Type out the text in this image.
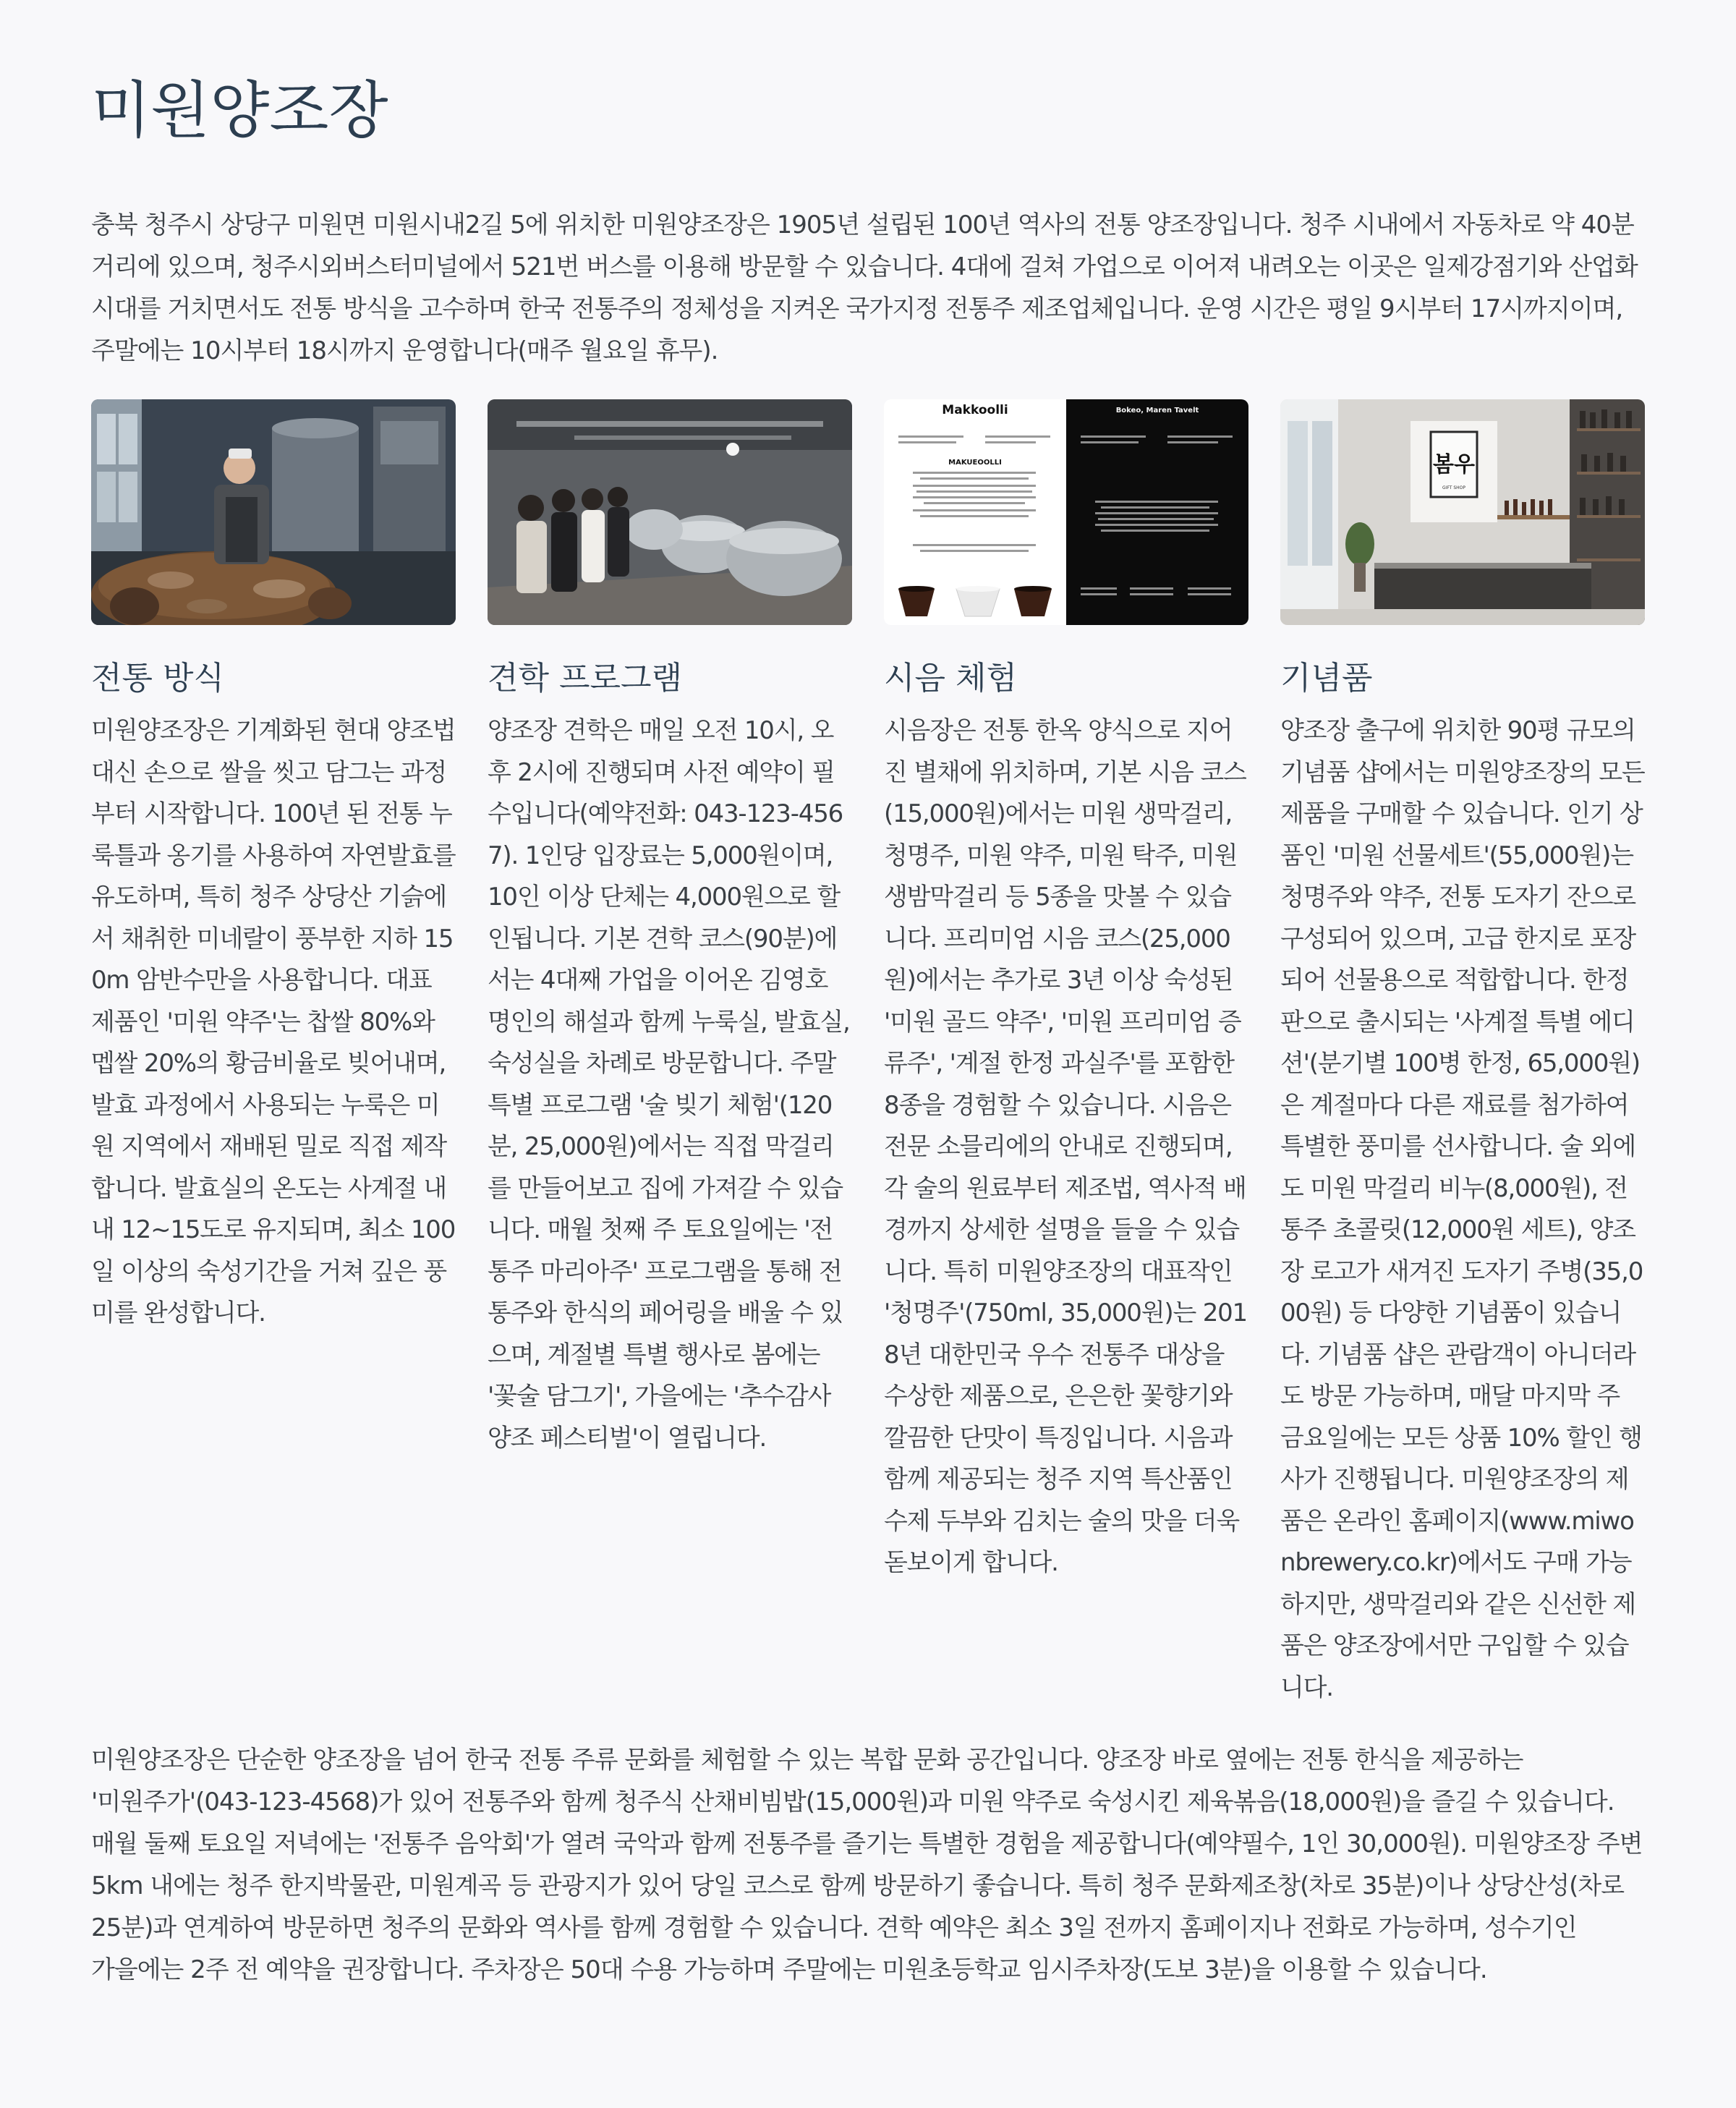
미원양조장

충북 청주시 상당구 미원면 미원시내2길 5에 위치한 미원양조장은 1905년 설립된 100년 역사의 전통 양조장입니다. 청주 시내에서 자동차로 약 40분 거리에 있으며, 청주시외버스터미널에서 521번 버스를 이용해 방문할 수 있습니다. 4대에 걸쳐 가업으로 이어져 내려오는 이곳은 일제강점기와 산업화 시대를 거치면서도 전통 방식을 고수하며 한국 전통주의 정체성을 지켜온 국가지정 전통주 제조업체입니다. 운영 시간은 평일 9시부터 17시까지이며, 주말에는 10시부터 18시까지 운영합니다(매주 월요일 휴무).

전통 방식

미원양조장은 기계화된 현대 양조법 대신 손으로 쌀을 씻고 담그는 과정부터 시작합니다. 100년 된 전통 누룩틀과 옹기를 사용하여 자연발효를 유도하며, 특히 청주 상당산 기슭에서 채취한 미네랄이 풍부한 지하 150m 암반수만을 사용합니다. 대표 제품인 '미원 약주'는 찹쌀 80%와 멥쌀 20%의 황금비율로 빚어내며, 발효 과정에서 사용되는 누룩은 미원 지역에서 재배된 밀로 직접 제작합니다. 발효실의 온도는 사계절 내내 12~15도로 유지되며, 최소 100일 이상의 숙성기간을 거쳐 깊은 풍미를 완성합니다.

견학 프로그램

양조장 견학은 매일 오전 10시, 오후 2시에 진행되며 사전 예약이 필수입니다(예약전화: 043-123-4567). 1인당 입장료는 5,000원이며, 10인 이상 단체는 4,000원으로 할인됩니다. 기본 견학 코스(90분)에서는 4대째 가업을 이어온 김영호 명인의 해설과 함께 누룩실, 발효실, 숙성실을 차례로 방문합니다. 주말 특별 프로그램 '술 빚기 체험'(120분, 25,000원)에서는 직접 막걸리를 만들어보고 집에 가져갈 수 있습니다. 매월 첫째 주 토요일에는 '전통주 마리아주' 프로그램을 통해 전통주와 한식의 페어링을 배울 수 있으며, 계절별 특별 행사로 봄에는 '꽃술 담그기', 가을에는 '추수감사 양조 페스티벌'이 열립니다.

Makkoolli
MAKUEOOLLI
Bokeo, Maren Tavelt
시음 체험

시음장은 전통 한옥 양식으로 지어진 별채에 위치하며, 기본 시음 코스(15,000원)에서는 미원 생막걸리, 청명주, 미원 약주, 미원 탁주, 미원 생밤막걸리 등 5종을 맛볼 수 있습니다. 프리미엄 시음 코스(25,000원)에서는 추가로 3년 이상 숙성된 '미원 골드 약주', '미원 프리미엄 증류주', '계절 한정 과실주'를 포함한 8종을 경험할 수 있습니다. 시음은 전문 소믈리에의 안내로 진행되며, 각 술의 원료부터 제조법, 역사적 배경까지 상세한 설명을 들을 수 있습니다. 특히 미원양조장의 대표작인 '청명주'(750ml, 35,000원)는 2018년 대한민국 우수 전통주 대상을 수상한 제품으로, 은은한 꽃향기와 깔끔한 단맛이 특징입니다. 시음과 함께 제공되는 청주 지역 특산품인 수제 두부와 김치는 술의 맛을 더욱 돋보이게 합니다.

봄우
GIFT SHOP
기념품

양조장 출구에 위치한 90평 규모의 기념품 샵에서는 미원양조장의 모든 제품을 구매할 수 있습니다. 인기 상품인 '미원 선물세트'(55,000원)는 청명주와 약주, 전통 도자기 잔으로 구성되어 있으며, 고급 한지로 포장되어 선물용으로 적합합니다. 한정판으로 출시되는 '사계절 특별 에디션'(분기별 100병 한정, 65,000원)은 계절마다 다른 재료를 첨가하여 특별한 풍미를 선사합니다. 술 외에도 미원 막걸리 비누(8,000원), 전통주 초콜릿(12,000원 세트), 양조장 로고가 새겨진 도자기 주병(35,000원) 등 다양한 기념품이 있습니다. 기념품 샵은 관람객이 아니더라도 방문 가능하며, 매달 마지막 주 금요일에는 모든 상품 10% 할인 행사가 진행됩니다. 미원양조장의 제품은 온라인 홈페이지(www.miwonbrewery.co.kr)에서도 구매 가능하지만, 생막걸리와 같은 신선한 제품은 양조장에서만 구입할 수 있습니다.

미원양조장은 단순한 양조장을 넘어 한국 전통 주류 문화를 체험할 수 있는 복합 문화 공간입니다. 양조장 바로 옆에는 전통 한식을 제공하는 '미원주가'(043-123-4568)가 있어 전통주와 함께 청주식 산채비빔밥(15,000원)과 미원 약주로 숙성시킨 제육볶음(18,000원)을 즐길 수 있습니다. 매월 둘째 토요일 저녁에는 '전통주 음악회'가 열려 국악과 함께 전통주를 즐기는 특별한 경험을 제공합니다(예약필수, 1인 30,000원). 미원양조장 주변 5km 내에는 청주 한지박물관, 미원계곡 등 관광지가 있어 당일 코스로 함께 방문하기 좋습니다. 특히 청주 문화제조창(차로 35분)이나 상당산성(차로 25분)과 연계하여 방문하면 청주의 문화와 역사를 함께 경험할 수 있습니다. 견학 예약은 최소 3일 전까지 홈페이지나 전화로 가능하며, 성수기인 가을에는 2주 전 예약을 권장합니다. 주차장은 50대 수용 가능하며 주말에는 미원초등학교 임시주차장(도보 3분)을 이용할 수 있습니다.
